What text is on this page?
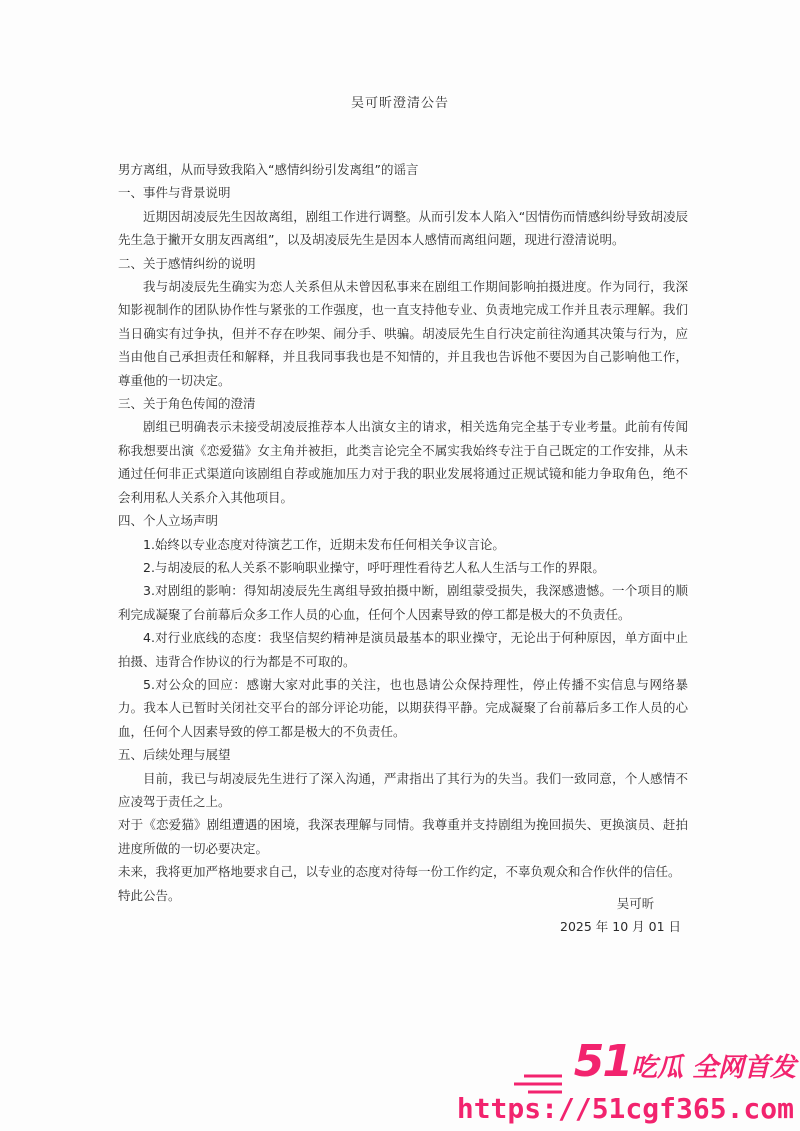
吴可昕澄清公告

男方离组，从而导致我陷入“感情纠纷引发离组”的谣言

一、事件与背景说明

近期因胡凌辰先生因故离组，剧组工作进行调整。从而引发本人陷入“因情伤而情感纠纷导致胡凌辰先生急于撇开女朋友西离组”，以及胡凌辰先生是因本人感情而离组问题，现进行澄清说明。

二、关于感情纠纷的说明

我与胡凌辰先生确实为恋人关系但从未曾因私事来在剧组工作期间影响拍摄进度。作为同行，我深知影视制作的团队协作性与紧张的工作强度，也一直支持他专业、负责地完成工作并且表示理解。我们当日确实有过争执，但并不存在吵架、闹分手、哄骗。胡凌辰先生自行决定前往沟通其决策与行为，应当由他自己承担责任和解释，并且我同事我也是不知情的，并且我也告诉他不要因为自己影响他工作，尊重他的一切决定。

三、关于角色传闻的澄清

剧组已明确表示未接受胡凌辰推荐本人出演女主的请求，相关选角完全基于专业考量。此前有传闻称我想要出演《恋爱猫》女主角并被拒，此类言论完全不属实我始终专注于自己既定的工作安排，从未通过任何非正式渠道向该剧组自荐或施加压力对于我的职业发展将通过正规试镜和能力争取角色，绝不会利用私人关系介入其他项目。

四、个人立场声明

1.始终以专业态度对待演艺工作，近期未发布任何相关争议言论。

2.与胡凌辰的私人关系不影响职业操守，呼吁理性看待艺人私人生活与工作的界限。

3.对剧组的影响：得知胡凌辰先生离组导致拍摄中断，剧组蒙受损失，我深感遗憾。一个项目的顺利完成凝聚了台前幕后众多工作人员的心血，任何个人因素导致的停工都是极大的不负责任。

4.对行业底线的态度：我坚信契约精神是演员最基本的职业操守，无论出于何种原因，单方面中止拍摄、违背合作协议的行为都是不可取的。

5.对公众的回应：感谢大家对此事的关注，也也恳请公众保持理性，停止传播不实信息与网络暴力。我本人已暂时关闭社交平台的部分评论功能，以期获得平静。完成凝聚了台前幕后多工作人员的心血，任何个人因素导致的停工都是极大的不负责任。

五、后续处理与展望

目前，我已与胡凌辰先生进行了深入沟通，严肃指出了其行为的失当。我们一致同意，个人感情不应凌驾于责任之上。

对于《恋爱猫》剧组遭遇的困境，我深表理解与同情。我尊重并支持剧组为挽回损失、更换演员、赶拍进度所做的一切必要决定。

未来，我将更加严格地要求自己，以专业的态度对待每一份工作约定，不辜负观众和合作伙伴的信任。

特此公告。

吴可昕
2025 年 10 月 01 日
51吃瓜 全网首发
https://51cgf365.com
